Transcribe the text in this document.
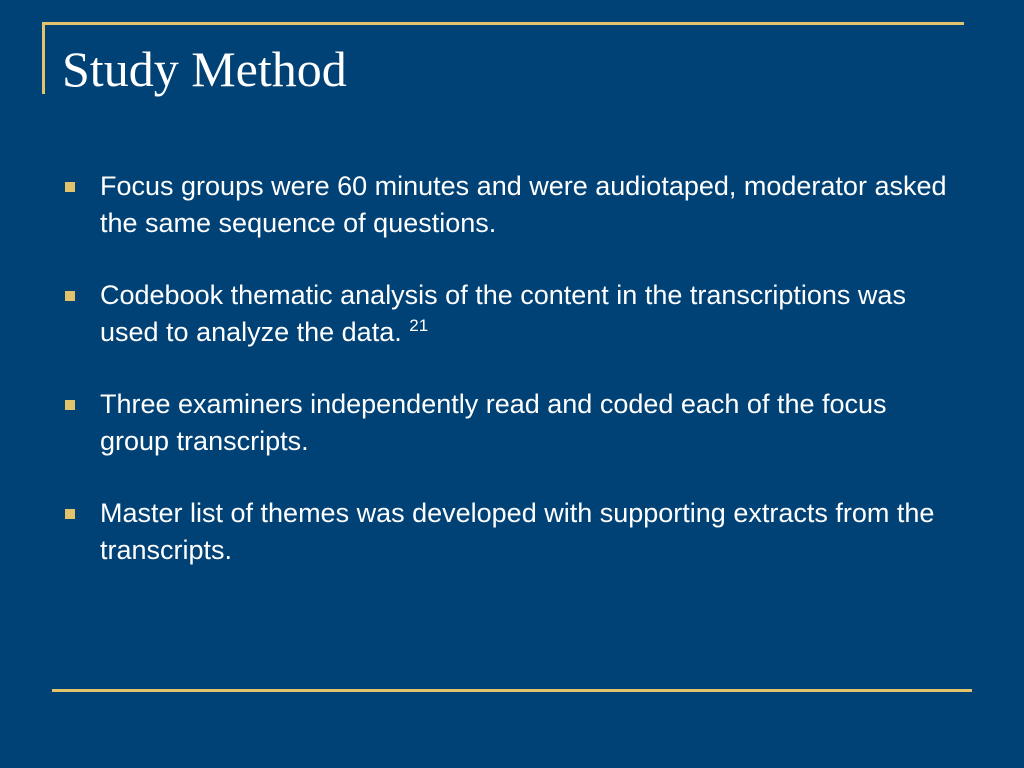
Study Method
Focus groups were 60 minutes and were audiotaped, moderator asked the same sequence of questions.
Codebook thematic analysis of the content in the transcriptions was used to analyze the data. $^{21}$
Three examiners independently read and coded each of the focus group transcripts.
Master list of themes was developed with supporting extracts from the transcripts.
